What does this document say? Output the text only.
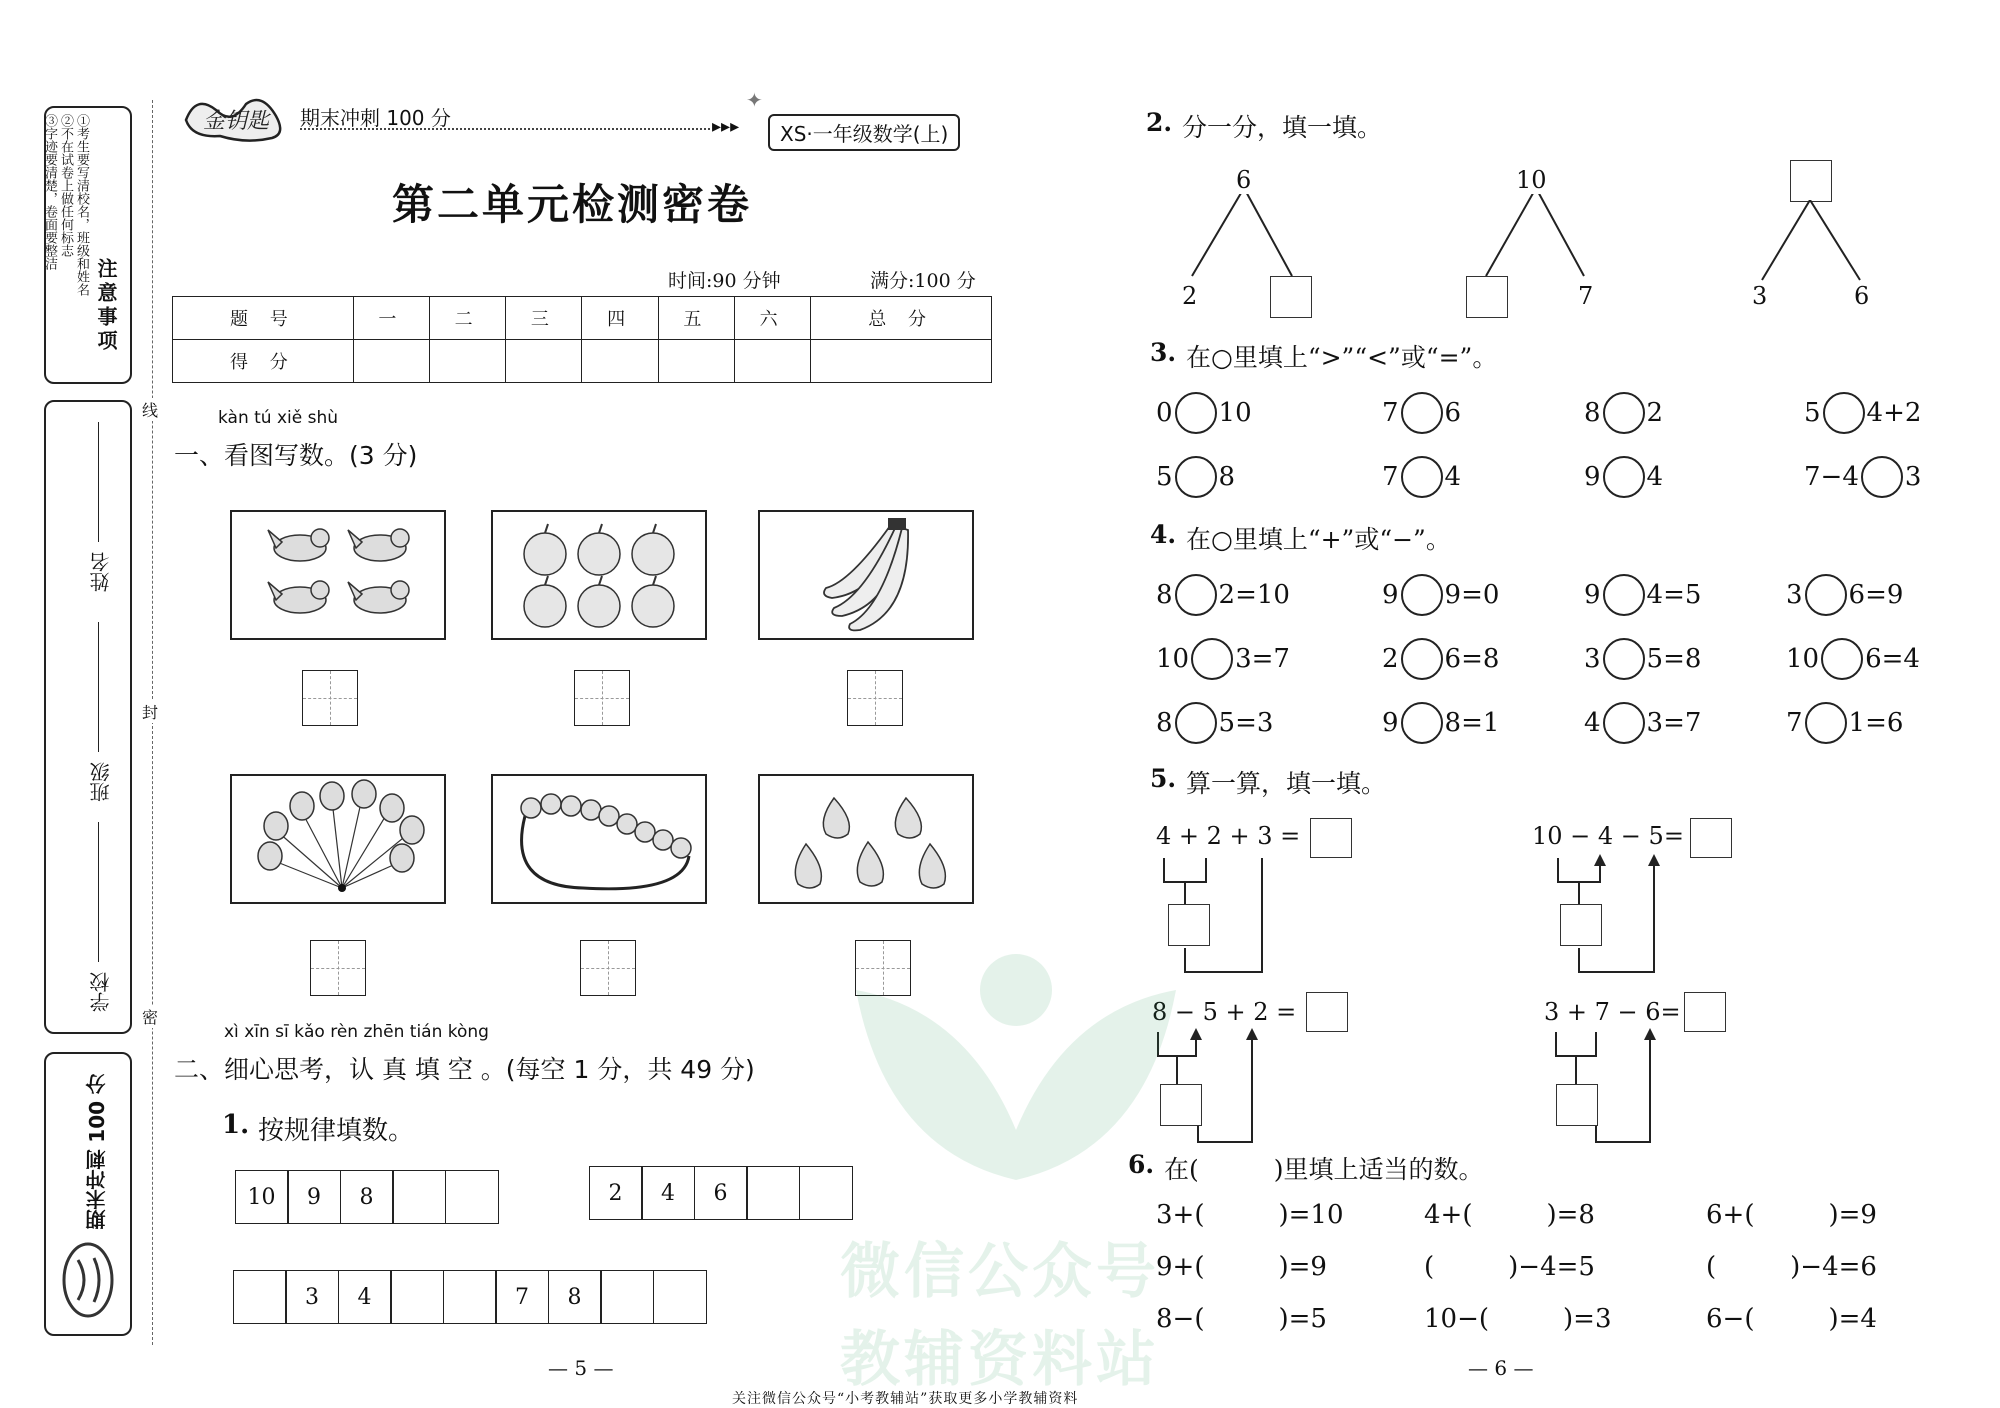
注意事项
①考生要写清校名，班级和姓名
②不在试卷上做任何标志
③字迹要清楚，卷面要整洁
姓名
班级
学校
期末冲刺 100 分
线
封
密
金钥匙 期末冲刺 100 分	▸▸▸
✦
XS·一年级数学(上)
第二单元检测密卷
时间:90 分钟	满分:100 分
题 号	一	二	三	四	五	六	总 分
得 分							
kàn tú xiě shù
一、看图写数。(3 分)
xì xīn sī kǎo rèn zhēn tián kòng
二、细心思考，认 真 填 空 。(每空 1 分，共 49 分)
1. 按规律填数。
10	9	8	2	4	6
3	4	7	8
— 5 —
2. 分一分，填一填。
6
2
10
7	3	6
3. 在○里填上“>”“<”或“=”。
0 10	7 6	8 2	5 4+2
5 8	7 4	9 4	7−4 3
4. 在○里填上“+”或“−”。
8 2=10	9 9=0	9 4=5	3 6=9
10 3=7	2 6=8	3 5=8	10 6=4
8 5=3	9 8=1	4 3=7	7 1=6
5. 算一算，填一填。
4 + 2 + 3 =	10 − 4 − 5=
8 − 5 + 2 =	3 + 7 − 6=
6. 在(　　　)里填上适当的数。
3+(	)=10	4+(	)=8	6+(	)=9
9+(	)=9	(	)−4=5	(	)−4=6
8−(	)=5	10−(	)=3	6−(	)=4
— 6 —
微信公众号
教辅资料站
关注微信公众号“小考教辅站”获取更多小学教辅资料
